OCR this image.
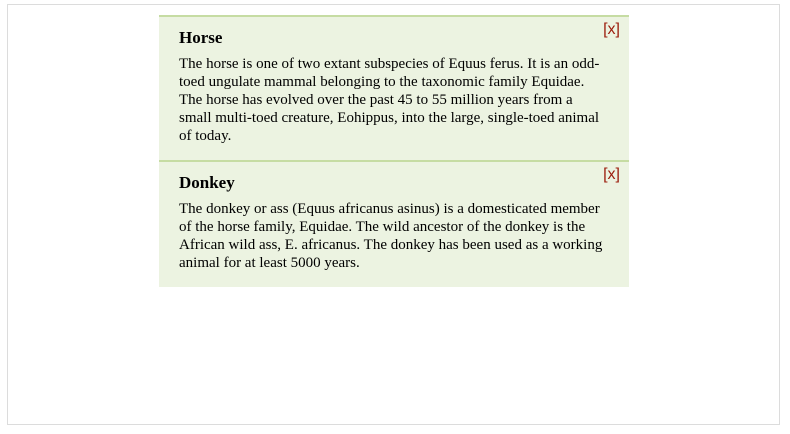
[x]
Horse

The horse is one of two extant subspecies of Equus ferus. It is an odd-toed ungulate mammal belonging to the taxonomic family Equidae. The horse has evolved over the past 45 to 55 million years from a small multi-toed creature, Eohippus, into the large, single-toed animal of today.

[x]
Donkey

The donkey or ass (Equus africanus asinus) is a domesticated member of the horse family, Equidae. The wild ancestor of the donkey is the African wild ass, E. africanus. The donkey has been used as a working animal for at least 5000 years.
